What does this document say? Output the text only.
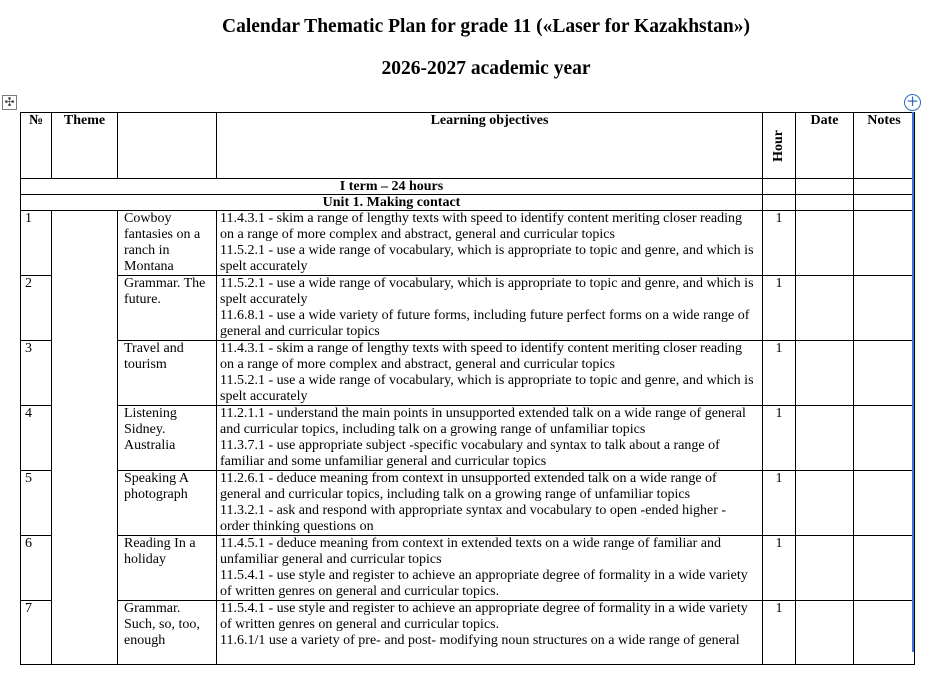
Calendar Thematic Plan for grade 11 («Laser for Kazakhstan»)
2026-2027 academic year
✣	+
№	Theme		Learning objectives	Hour	Date	Notes
I term – 24 hours						
Unit 1. Making contact						
1		Cowboy fantasies on a ranch in Montana	11.4.3.1 - skim a range of lengthy texts with speed to identify content meriting closer reading on a range of more complex and abstract, general and curricular topics
11.5.2.1 - use a wide range of vocabulary, which is appropriate to topic and genre, and which is spelt accurately	1		
2		Grammar. The future.	11.5.2.1 - use a wide range of vocabulary, which is appropriate to topic and genre, and which is spelt accurately
11.6.8.1 - use a wide variety of future forms, including future perfect forms on a wide range of general and curricular topics	1		
3		Travel and tourism	11.4.3.1 - skim a range of lengthy texts with speed to identify content meriting closer reading on a range of more complex and abstract, general and curricular topics
11.5.2.1 - use a wide range of vocabulary, which is appropriate to topic and genre, and which is spelt accurately	1		
4		Listening Sidney. Australia	11.2.1.1 - understand the main points in unsupported extended talk on a wide range of general and curricular topics, including talk on a growing range of unfamiliar topics
11.3.7.1 - use appropriate subject -specific vocabulary and syntax to talk about a range of familiar and some unfamiliar general and curricular topics	1		
5		Speaking A photograph	11.2.6.1 - deduce meaning from context in unsupported extended talk on a wide range of general and curricular topics, including talk on a growing range of unfamiliar topics
11.3.2.1 - ask and respond with appropriate syntax and vocabulary to open -ended higher - order thinking questions on	1		
6		Reading In a holiday	11.4.5.1 - deduce meaning from context in extended texts on a wide range of familiar and unfamiliar general and curricular topics
11.5.4.1 - use style and register to achieve an appropriate degree of formality in a wide variety of written genres on general and curricular topics.	1		
7		Grammar. Such, so, too, enough	11.5.4.1 - use style and register to achieve an appropriate degree of formality in a wide variety of written genres on general and curricular topics.
11.6.1/1 use a variety of pre- and post- modifying noun structures on a wide range of general	1		
